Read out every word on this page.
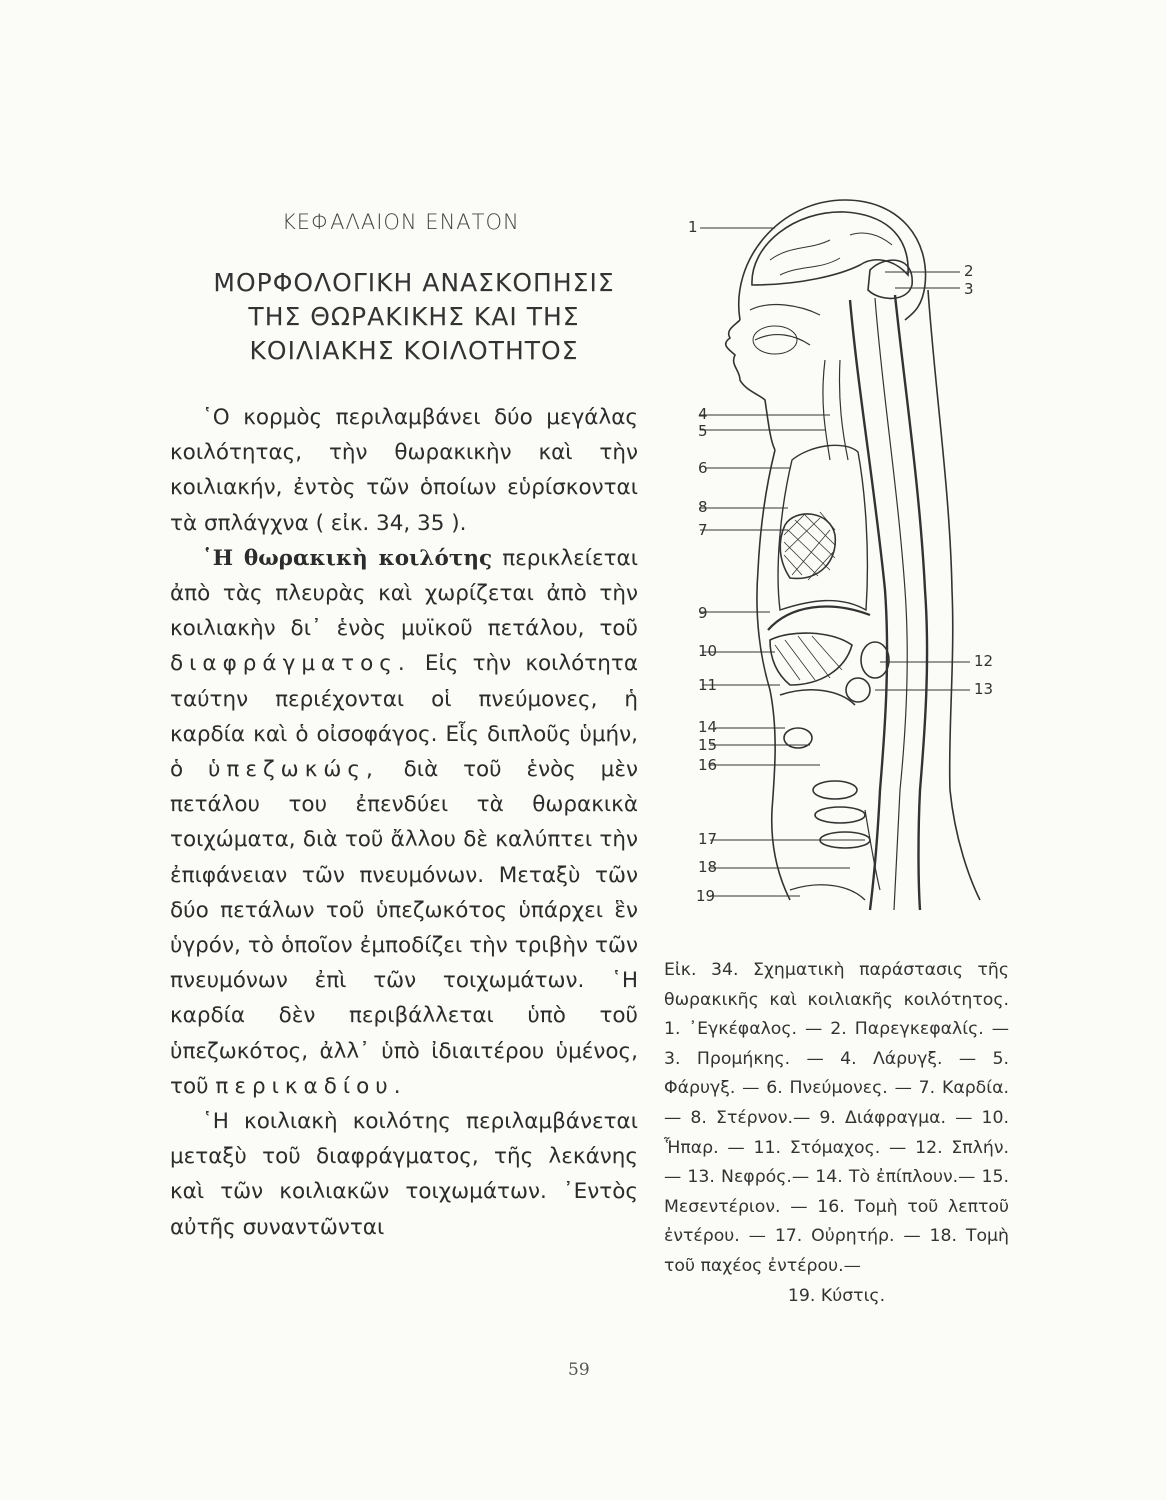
ΚΕΦΑΛΑΙΟΝ ΕΝΑΤΟΝ
ΜΟΡΦΟΛΟΓΙΚΗ ΑΝΑΣΚΟΠΗΣΙΣ
ΤΗΣ ΘΩΡΑΚΙΚΗΣ ΚΑΙ ΤΗΣ
ΚΟΙΛΙΑΚΗΣ ΚΟΙΛΟΤΗΤΟΣ

῾Ο κορμὸς περιλαμβάνει δύο μεγάλας κοιλότητας, τὴν θωρακικὴν καὶ τὴν κοιλιακήν, ἐντὸς τῶν ὁποίων εὑρίσκονται τὰ σπλάγχνα ( εἰκ. 34, 35 ).

῾Η θωρακικὴ κοιλότης περικλείεται ἀπὸ τὰς πλευρὰς καὶ χωρίζεται ἀπὸ τὴν κοιλιακὴν δι᾽ ἑνὸς μυϊκοῦ πετάλου, τοῦ διαφράγματος. Εἰς τὴν κοιλότητα ταύτην περιέχονται οἱ πνεύμονες, ἡ καρδία καὶ ὁ οἰσοφάγος. Εἷς διπλοῦς ὑμήν, ὁ ὑπεζωκώς, διὰ τοῦ ἑνὸς μὲν πετάλου του ἐπενδύει τὰ θωρακικὰ τοιχώματα, διὰ τοῦ ἄλλου δὲ καλύπτει τὴν ἐπιφάνειαν τῶν πνευμόνων. Μεταξὺ τῶν δύο πετάλων τοῦ ὑπεζωκότος ὑπάρχει ἓν ὑγρόν, τὸ ὁποῖον ἐμποδίζει τὴν τριβὴν τῶν πνευμόνων ἐπὶ τῶν τοιχωμάτων. ῾Η καρδία δὲν περιβάλλεται ὑπὸ τοῦ ὑπεζωκότος, ἀλλ᾽ ὑπὸ ἰδιαιτέρου ὑμένος, τοῦ περικαδίου.

῾Η κοιλιακὴ κοιλότης περιλαμβάνεται μεταξὺ τοῦ διαφράγματος, τῆς λεκάνης καὶ τῶν κοιλιακῶν τοιχωμάτων. ᾿Εντὸς αὐτῆς συναντῶνται

1
2
3
4
5
6
8
7
9
10
11
12
13
14
15
16
17
18
19
Εἰκ. 34. Σχηματικὴ παράστασις τῆς θωρακικῆς καὶ κοιλιακῆς κοιλότητος. 1. ᾿Εγκέφαλος. — 2. Παρεγκεφαλίς. — 3. Προμήκης. — 4. Λάρυγξ. — 5. Φάρυγξ. — 6. Πνεύμονες. — 7. Καρδία. — 8. Στέρνον.— 9. Διάφραγμα. — 10. Ἧπαρ. — 11. Στόμαχος. — 12. Σπλήν. — 13. Νεφρός.— 14. Τὸ ἐπίπλουν.— 15. Μεσεντέριον. — 16. Τομὴ τοῦ λεπτοῦ ἐντέρου. — 17. Οὐρητήρ. — 18. Τομὴ τοῦ παχέος ἐντέρου.—
19. Κύστις.
59
